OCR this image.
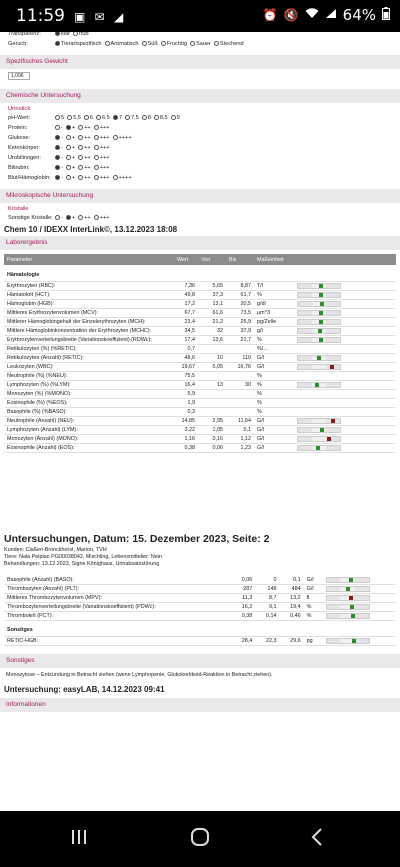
11:59 ▣ ✉ ◢	⏰ 🔇	64%
Transparenz:	klar	trüb
Geruch:	Tierartspezifisch	Aromatisch	Süß	Fruchtig	Sauer	Stechend
Spezifisches Gewicht
1,006
Chemische Untersuchung
Urinstick
pH-Wert:	5	5,5	6	6,5	7	7,5	8	8,5	9
Protein:	-	+	++	+++
Glukose:	-	+	++	+++	++++
Ketonkörper:	-	+	++	+++
Urobilinogen:	-	+	++	+++
Bilirubin:	-	+	++	+++
Blut/Hämoglobin:	-	+	++	+++	++++
Mikroskopische Untersuchung
Kristalle
Sonstige Kristalle:	-	+	++	+++
Chem 10 / IDEXX InterLink©, 13.12.2023 18:08
Laborergebnis
Parameter	Wert	Von	Bis	Maßeinheit	
Hämatologie					
Erythrozyten (RBC):	7,36	5,65	8,87	T/l	

Hämatokrit (HCT):	49,8	37,3	61,7	%	

Hämoglobin (HGB):	17,2	13,1	20,5	g/dl	

Mittleres Erythrozytenvolumen (MCV):	67,7	61,6	73,5	µm^3	

Mittlerer Hämoglobingehalt der Einzelerythrozyten (MCH):	23,4	21,2	25,9	pg/Zelle	

Mittlere Hämoglobinkonzentration der Erythrozyten (MCHC):	34,5	32	37,9	g/l	

Erythrozytenverteilungsbreite (Variationskoeffizient) (RDWc):	17,4	13,6	21,7	%	

Retikulozyten (%) (%RETIC):	0,7			%/...	
Retikulozyten (Anzahl) (RETIC):	48,6	10	110	G/l	

Leukozyten (WBC):	19,67	5,05	16,76	G/l	

Neutrophile (%) (%NEU):	75,5			%	
Lymphozyten (%) (%LYM):	16,4	13	30	%	

Monozyten (%) (%MONO):	5,9			%	
Eosinophile (%) (%EOS):	1,9			%	
Basophile (%) (%BASO):	0,3			%	
Neutrophile (Anzahl) (NEU):	14,85	2,95	11,64	G/l	

Lymphozyten (Anzahl) (LYM):	3,22	1,05	5,1	G/l	

Monozyten (Anzahl) (MONO):	1,16	0,16	1,12	G/l	

Eosinophile (Anzahl) (EOS):	0,38	0,06	1,23	G/l	
Untersuchungen, Datum: 15. Dezember 2023, Seite: 2
Kunden: Claßen-Bronckhorst, Marion, TVH
Tiere: Nala Pelplan PG00038042, Mischling, Lebensmittelier: Nein
Behandlungen: 13.12.2023, Signe Könighaus, Urinabsatzstörung
Basophile (Anzahl) (BASO):	0,06	0	0,1	G/l	

Thrombozyten (Anzahl) (PLT):	287	148	484	G/l	

Mittleres Thrombozytenvolumen (MPV):	11,3	8,7	13,2	fl	

Thrombozytenverteilungsbreite (Variationskoeffizient) (PDWc):	16,2	9,1	19,4	%	

Thrombokrit (PCT):	0,38	0,14	0,46	%	

Sonstiges					
RETIC-HGB:	28,4	22,3	29,6	pg	
Sonstiges
Monozytose – Entzündung in Betracht ziehen (wenn Lymphopenie, Glukokortikoid-Reaktion in Betracht ziehen).
Untersuchung: easyLAB, 14.12.2023 09:41
Informationen
